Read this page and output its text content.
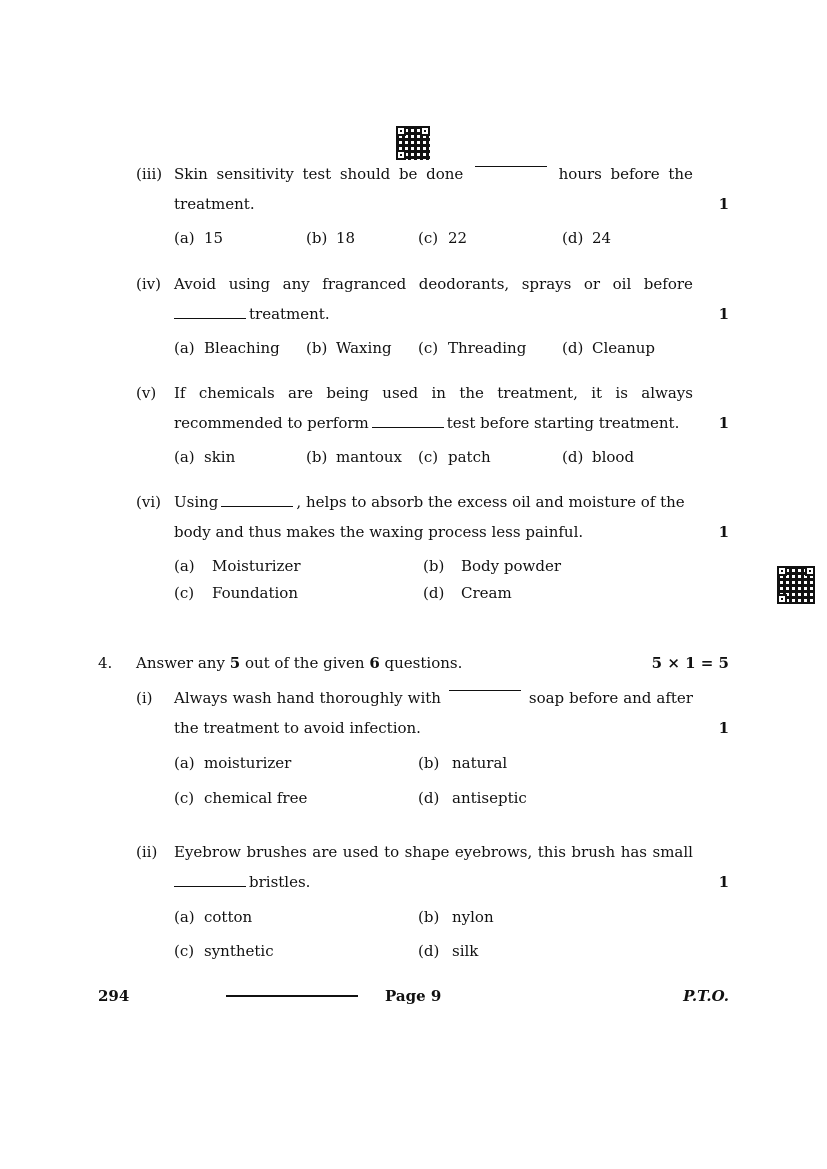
(iii) Skin sensitivity test should be done	hours before the
treatment.	1
(a) 15	(b) 18	(c) 22	(d) 24
(iv) Avoid using any fragranced deodorants, sprays or oil before
treatment.	1
(a) Bleaching (b) Waxing (c) Threading (d) Cleanup
(v) If chemicals are being used in the treatment, it is always
recommended to perform	test before starting treatment.	1
(a) skin	(b) mantoux (c) patch	(d) blood
(vi) Using	, helps to absorb the excess oil and moisture of the
body and thus makes the waxing process less painful.	1
(a) Moisturizer	(b) Body powder
(c) Foundation	(d) Cream
4. Answer any 5 out of the given 6 questions.	5 × 1 = 5
(i) Always wash hand thoroughly with	soap before and after
the treatment to avoid infection.	1
(a) moisturizer	(b) natural
(c) chemical free	(d) antiseptic
(ii) Eyebrow brushes are used to shape eyebrows, this brush has small
bristles.	1
(a) cotton	(b) nylon
(c) synthetic	(d) silk
294	Page 9	P.T.O.
